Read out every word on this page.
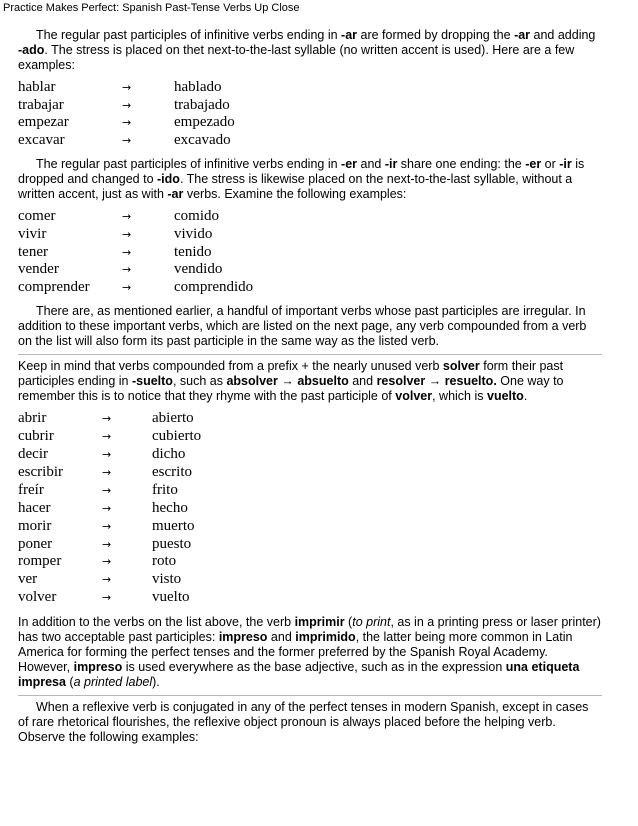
Practice Makes Perfect: Spanish Past-Tense Verbs Up Close

The regular past participles of infinitive verbs ending in -ar are formed by dropping the -ar and adding -ado. The stress is placed on thet next-to-the-last syllable (no written accent is used). Here are a few examples:

hablar	→	hablado
trabajar	→	trabajado
empezar	→	empezado
excavar	→	excavado

The regular past participles of infinitive verbs ending in -er and -ir share one ending: the -er or -ir is dropped and changed to -ido. The stress is likewise placed on the next-to-the-last syllable, without a written accent, just as with -ar verbs. Examine the following examples:

comer	→	comido
vivir	→	vivido
tener	→	tenido
vender	→	vendido
comprender	→	comprendido

There are, as mentioned earlier, a handful of important verbs whose past participles are irregular. In addition to these important verbs, which are listed on the next page, any verb compounded from a verb on the list will also form its past participle in the same way as the listed verb.

Keep in mind that verbs compounded from a prefix + the nearly unused verb solver form their past participles ending in -suelto, such as absolver → absuelto and resolver → resuelto. One way to remember this is to notice that they rhyme with the past participle of volver, which is vuelto.

abrir	→	abierto
cubrir	→	cubierto
decir	→	dicho
escribir	→	escrito
freír	→	frito
hacer	→	hecho
morir	→	muerto
poner	→	puesto
romper	→	roto
ver	→	visto
volver	→	vuelto

In addition to the verbs on the list above, the verb imprimir (to print, as in a printing press or laser printer) has two acceptable past participles: impreso and imprimido, the latter being more common in Latin America for forming the perfect tenses and the former preferred by the Spanish Royal Academy. However, impreso is used everywhere as the base adjective, such as in the expression una etiqueta impresa (a printed label).

When a reflexive verb is conjugated in any of the perfect tenses in modern Spanish, except in cases of rare rhetorical flourishes, the reflexive object pronoun is always placed before the helping verb. Observe the following examples:
